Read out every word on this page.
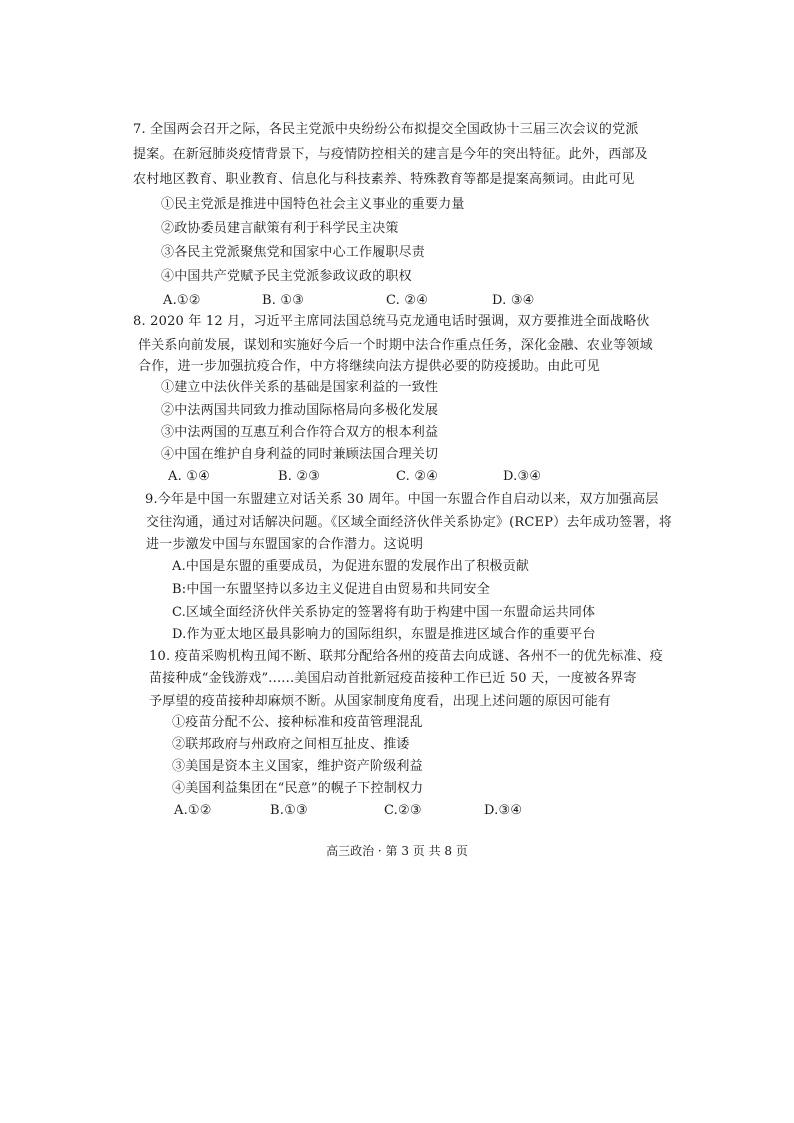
7. 全国两会召开之际，各民主党派中央纷纷公布拟提交全国政协十三届三次会议的党派
提案。在新冠肺炎疫情背景下，与疫情防控相关的建言是今年的突出特征。此外，西部及
农村地区教育、职业教育、信息化与科技素养、特殊教育等都是提案高频词。由此可见
①民主党派是推进中国特色社会主义事业的重要力量
②政协委员建言献策有利于科学民主决策
③各民主党派聚焦党和国家中心工作履职尽责
④中国共产党赋予民主党派参政议政的职权
A.①②	B. ①③	C. ②④	D. ③④
8. 2020 年 12 月，习近平主席同法国总统马克龙通电话时强调，双方要推进全面战略伙
伴关系向前发展，谋划和实施好今后一个时期中法合作重点任务，深化金融、农业等领域
合作，进一步加强抗疫合作，中方将继续向法方提供必要的防疫援助。由此可见
①建立中法伙伴关系的基础是国家利益的一致性
②中法两国共同致力推动国际格局向多极化发展
③中法两国的互惠互利合作符合双方的根本利益
④中国在维护自身利益的同时兼顾法国合理关切
A. ①④	B. ②③	C. ②④	D.③④
9.今年是中国一东盟建立对话关系 30 周年。中国一东盟合作自启动以来，双方加强高层
交往沟通，通过对话解决问题。《区域全面经济伙伴关系协定》(RCEP）去年成功签署，将
进一步激发中国与东盟国家的合作潜力。这说明
A.中国是东盟的重要成员，为促进东盟的发展作出了积极贡献
B:中国一东盟坚持以多边主义促进自由贸易和共同安全
C.区域全面经济伙伴关系协定的签署将有助于构建中国一东盟命运共同体
D.作为亚太地区最具影响力的国际组织，东盟是推进区域合作的重要平台
10. 疫苗采购机构丑闻不断、联邦分配给各州的疫苗去向成谜、各州不一的优先标准、疫
苗接种成“金钱游戏”......美国启动首批新冠疫苗接种工作已近 50 天，一度被各界寄
予厚望的疫苗接种却麻烦不断。从国家制度角度看，出现上述问题的原因可能有
①疫苗分配不公、接种标准和疫苗管理混乱
②联邦政府与州政府之间相互扯皮、推诿
③美国是资本主义国家，维护资产阶级利益
④美国利益集团在“民意”的幌子下控制权力
A.①②	B.①③	C.②③	D.③④
高三政治 · 第 3 页 共 8 页
